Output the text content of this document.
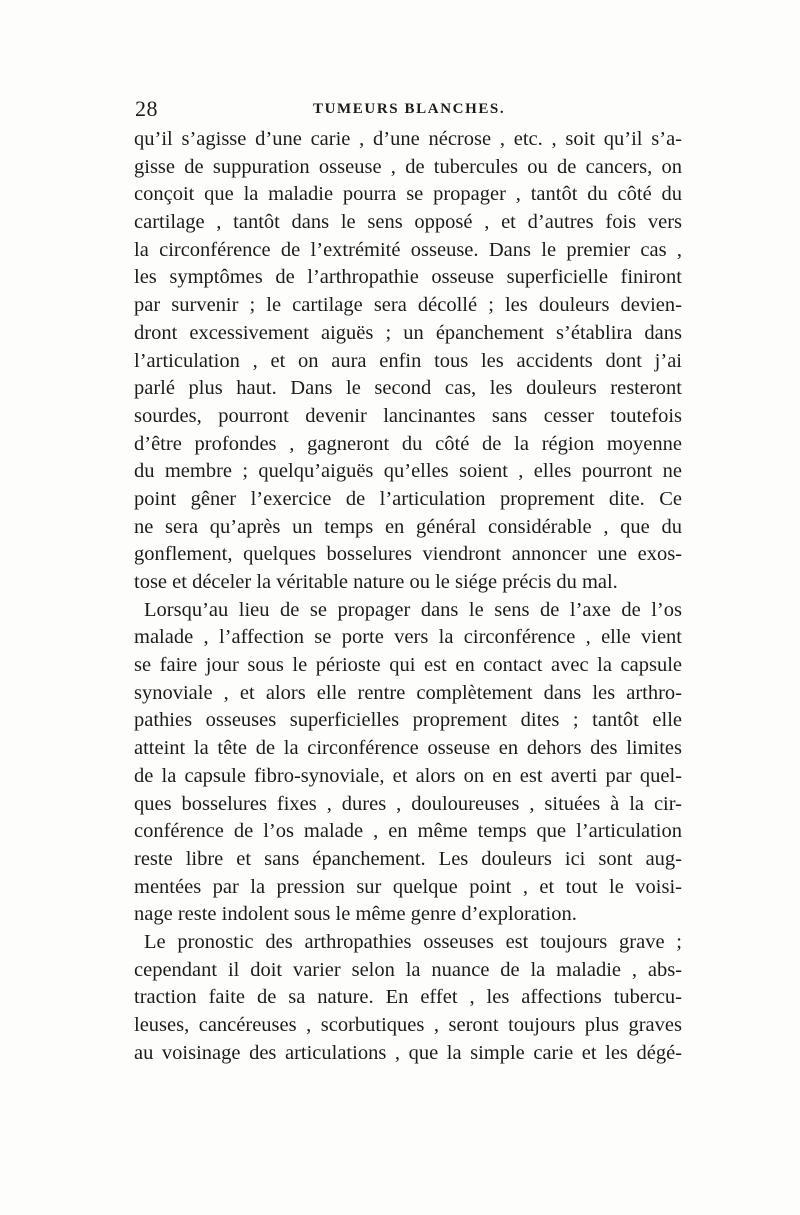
28	TUMEURS BLANCHES.
qu’il s’agisse d’une carie , d’une nécrose , etc. , soit qu’il s’a-
gisse de suppuration osseuse , de tubercules ou de cancers, on
conçoit que la maladie pourra se propager , tantôt du côté du
cartilage , tantôt dans le sens opposé , et d’autres fois vers
la circonférence de l’extrémité osseuse. Dans le premier cas ,
les symptômes de l’arthropathie osseuse superficielle finiront
par survenir ; le cartilage sera décollé ; les douleurs devien-
dront excessivement aiguës ; un épanchement s’établira dans
l’articulation , et on aura enfin tous les accidents dont j’ai
parlé plus haut. Dans le second cas, les douleurs resteront
sourdes, pourront devenir lancinantes sans cesser toutefois
d’être profondes , gagneront du côté de la région moyenne
du membre ; quelqu’aiguës qu’elles soient , elles pourront ne
point gêner l’exercice de l’articulation proprement dite. Ce
ne sera qu’après un temps en général considérable , que du
gonflement, quelques bosselures viendront annoncer une exos-
tose et déceler la véritable nature ou le siége précis du mal.
Lorsqu’au lieu de se propager dans le sens de l’axe de l’os
malade , l’affection se porte vers la circonférence , elle vient
se faire jour sous le périoste qui est en contact avec la capsule
synoviale , et alors elle rentre complètement dans les arthro-
pathies osseuses superficielles proprement dites ; tantôt elle
atteint la tête de la circonférence osseuse en dehors des limites
de la capsule fibro-synoviale, et alors on en est averti par quel-
ques bosselures fixes , dures , douloureuses , situées à la cir-
conférence de l’os malade , en même temps que l’articulation
reste libre et sans épanchement. Les douleurs ici sont aug-
mentées par la pression sur quelque point , et tout le voisi-
nage reste indolent sous le même genre d’exploration.
Le pronostic des arthropathies osseuses est toujours grave ;
cependant il doit varier selon la nuance de la maladie , abs-
traction faite de sa nature. En effet , les affections tubercu-
leuses, cancéreuses , scorbutiques , seront toujours plus graves
au voisinage des articulations , que la simple carie et les dégé-
